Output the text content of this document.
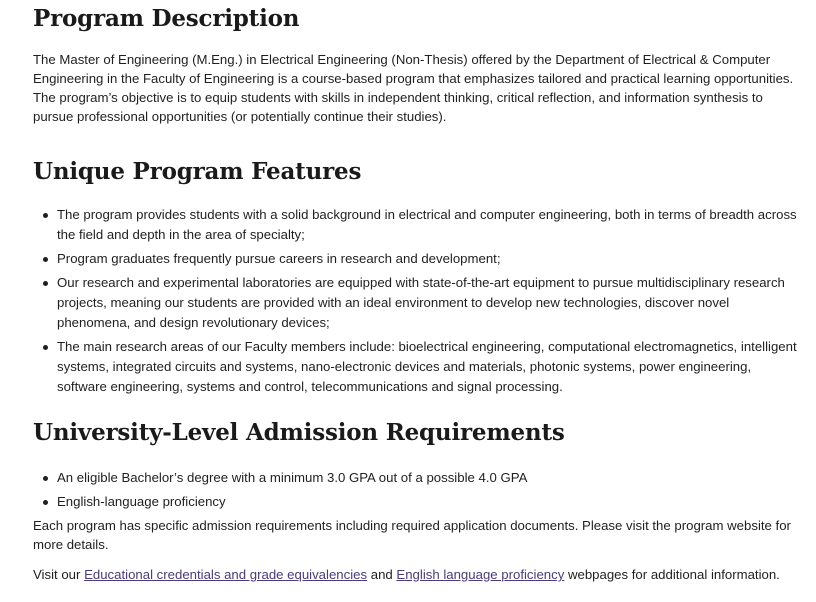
Program Description

The Master of Engineering (M.Eng.) in Electrical Engineering (Non-Thesis) offered by the Department of Electrical & Computer Engineering in the Faculty of Engineering is a course-based program that emphasizes tailored and practical learning opportunities. The program’s objective is to equip students with skills in independent thinking, critical reflection, and information synthesis to pursue professional opportunities (or potentially continue their studies).

Unique Program Features
The program provides students with a solid background in electrical and computer engineering, both in terms of breadth across the field and depth in the area of specialty;
Program graduates frequently pursue careers in research and development;
Our research and experimental laboratories are equipped with state-of-the-art equipment to pursue multidisciplinary research projects, meaning our students are provided with an ideal environment to develop new technologies, discover novel phenomena, and design revolutionary devices;
The main research areas of our Faculty members include: bioelectrical engineering, computational electromagnetics, intelligent systems, integrated circuits and systems, nano-electronic devices and materials, photonic systems, power engineering, software engineering, systems and control, telecommunications and signal processing.
University-Level Admission Requirements
An eligible Bachelor’s degree with a minimum 3.0 GPA out of a possible 4.0 GPA
English-language proficiency

Each program has specific admission requirements including required application documents. Please visit the program website for more details.

Visit our Educational credentials and grade equivalencies and English language proficiency webpages for additional information.
